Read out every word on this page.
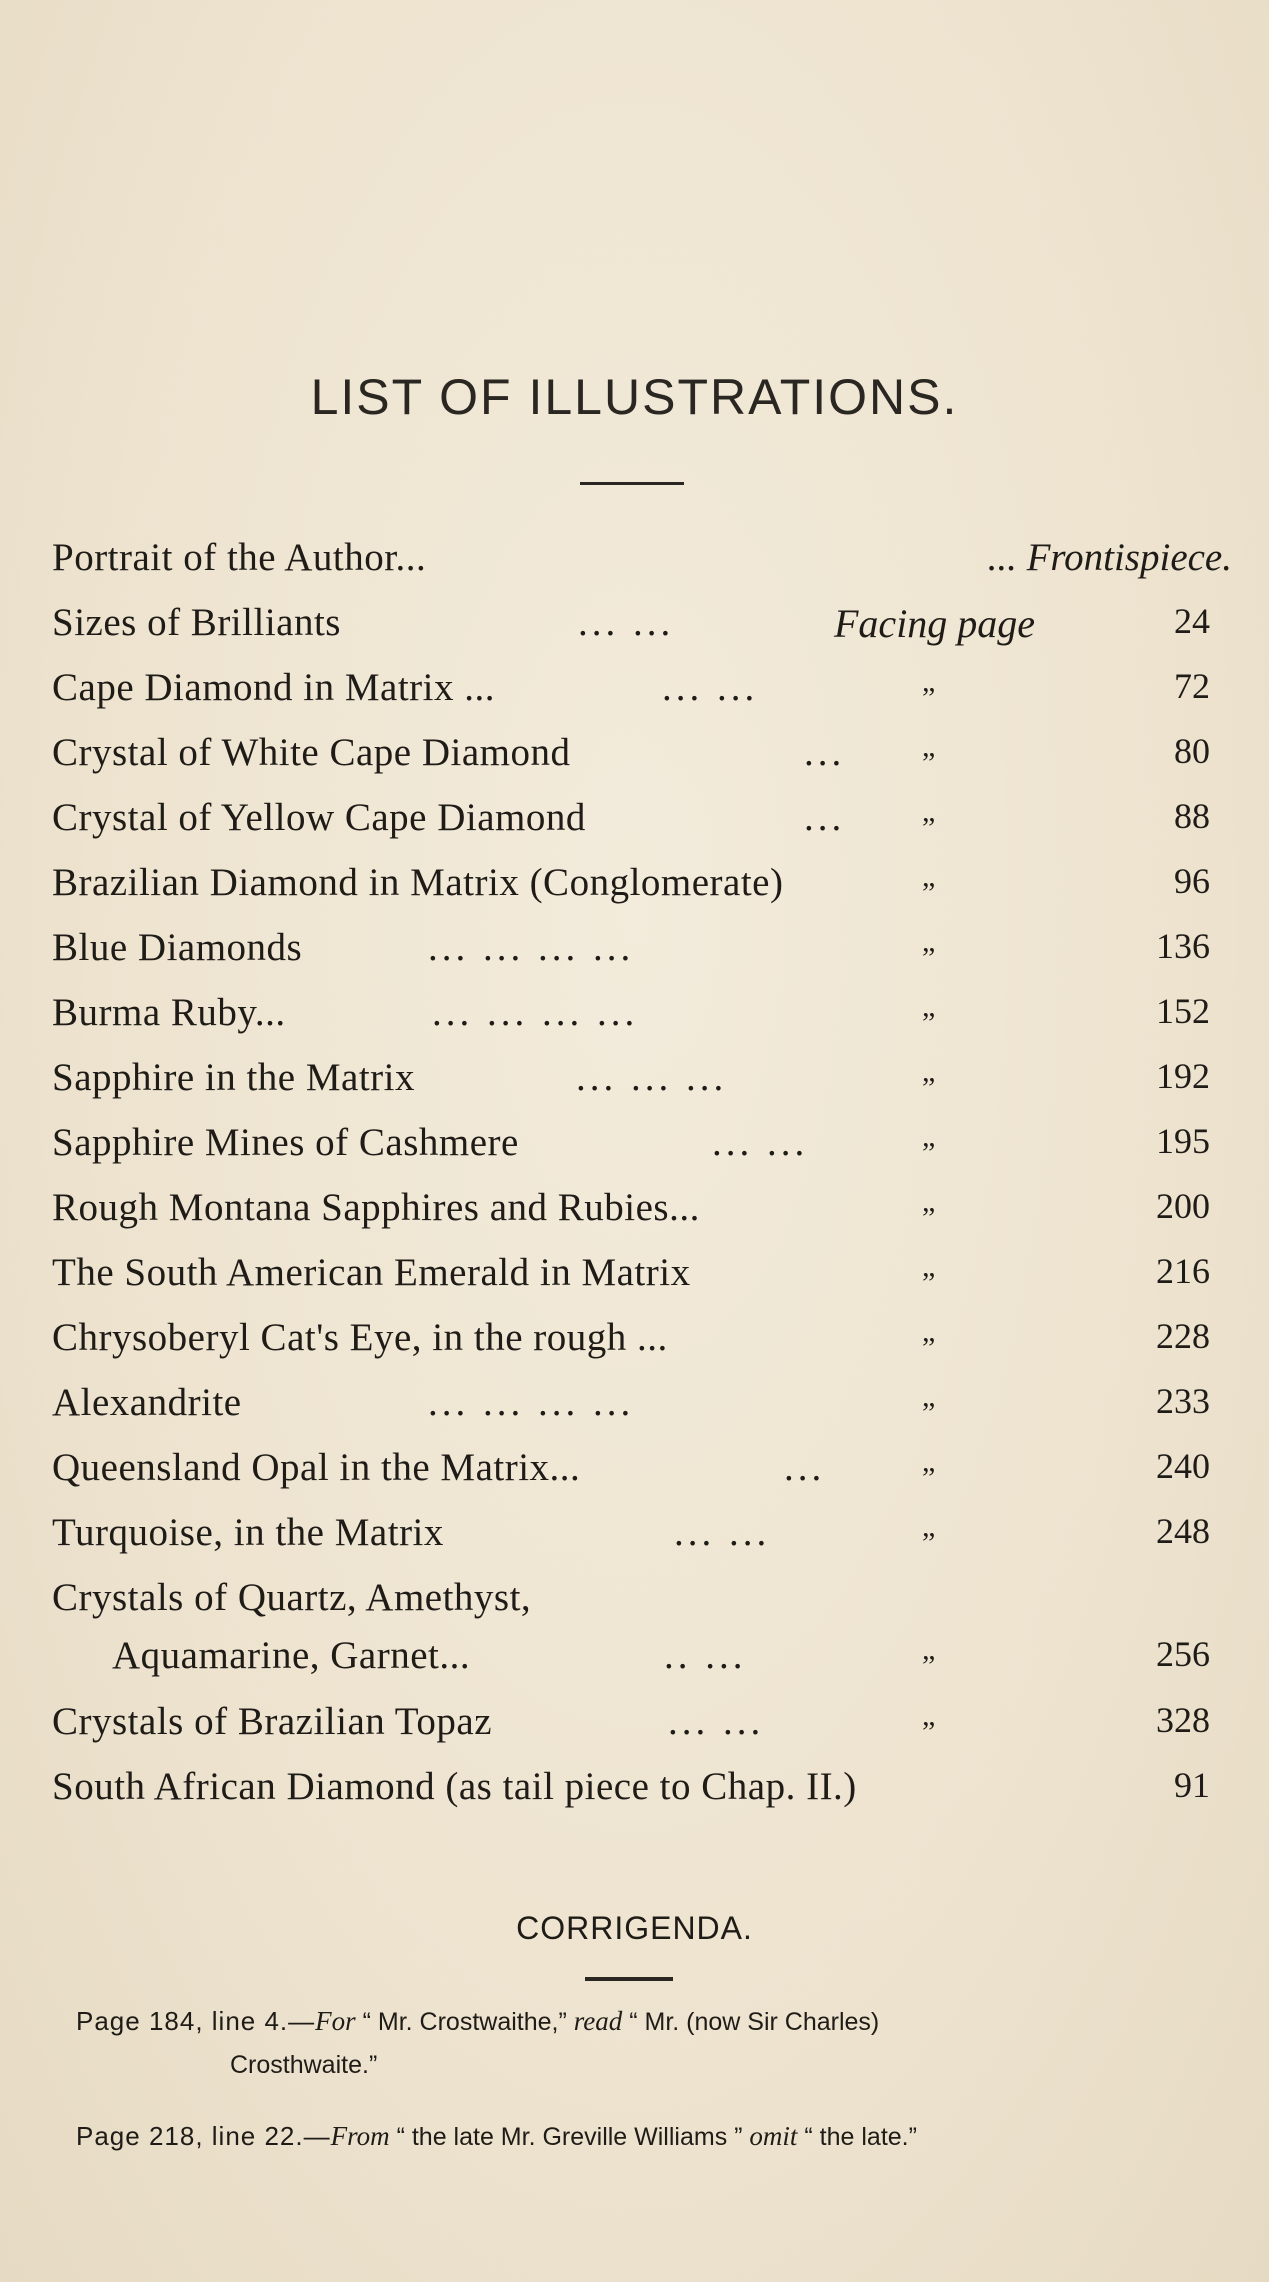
LIST OF ILLUSTRATIONS.
Portrait of the Author...	... Frontispiece.
Sizes of Brilliants	... ...	Facing page	24
Cape Diamond in Matrix ...	... ...	„	72
Crystal of White Cape Diamond	...	„	80
Crystal of Yellow Cape Diamond	...	„	88
Brazilian Diamond in Matrix (Conglomerate)	„	96
Blue Diamonds	... ... ... ...	„	136
Burma Ruby...	... ... ... ...	„	152
Sapphire in the Matrix	... ... ...	„	192
Sapphire Mines of Cashmere	... ...	„	195
Rough Montana Sapphires and Rubies...	„	200
The South American Emerald in Matrix	„	216
Chrysoberyl Cat's Eye, in the rough ...	„	228
Alexandrite	... ... ... ...	„	233
Queensland Opal in the Matrix...	...	„	240
Turquoise, in the Matrix	... ...	„	248
Crystals of Quartz, Amethyst,
Aquamarine, Garnet...	.. ...	„	256
Crystals of Brazilian Topaz	... ...	„	328
South African Diamond (as tail piece to Chap. II.)	91
CORRIGENDA.
Page 184, line 4.—For “ Mr. Crostwaithe,” read “ Mr. (now Sir Charles)
Crosthwaite.”
Page 218, line 22.—From “ the late Mr. Greville Williams ” omit “ the late.”
